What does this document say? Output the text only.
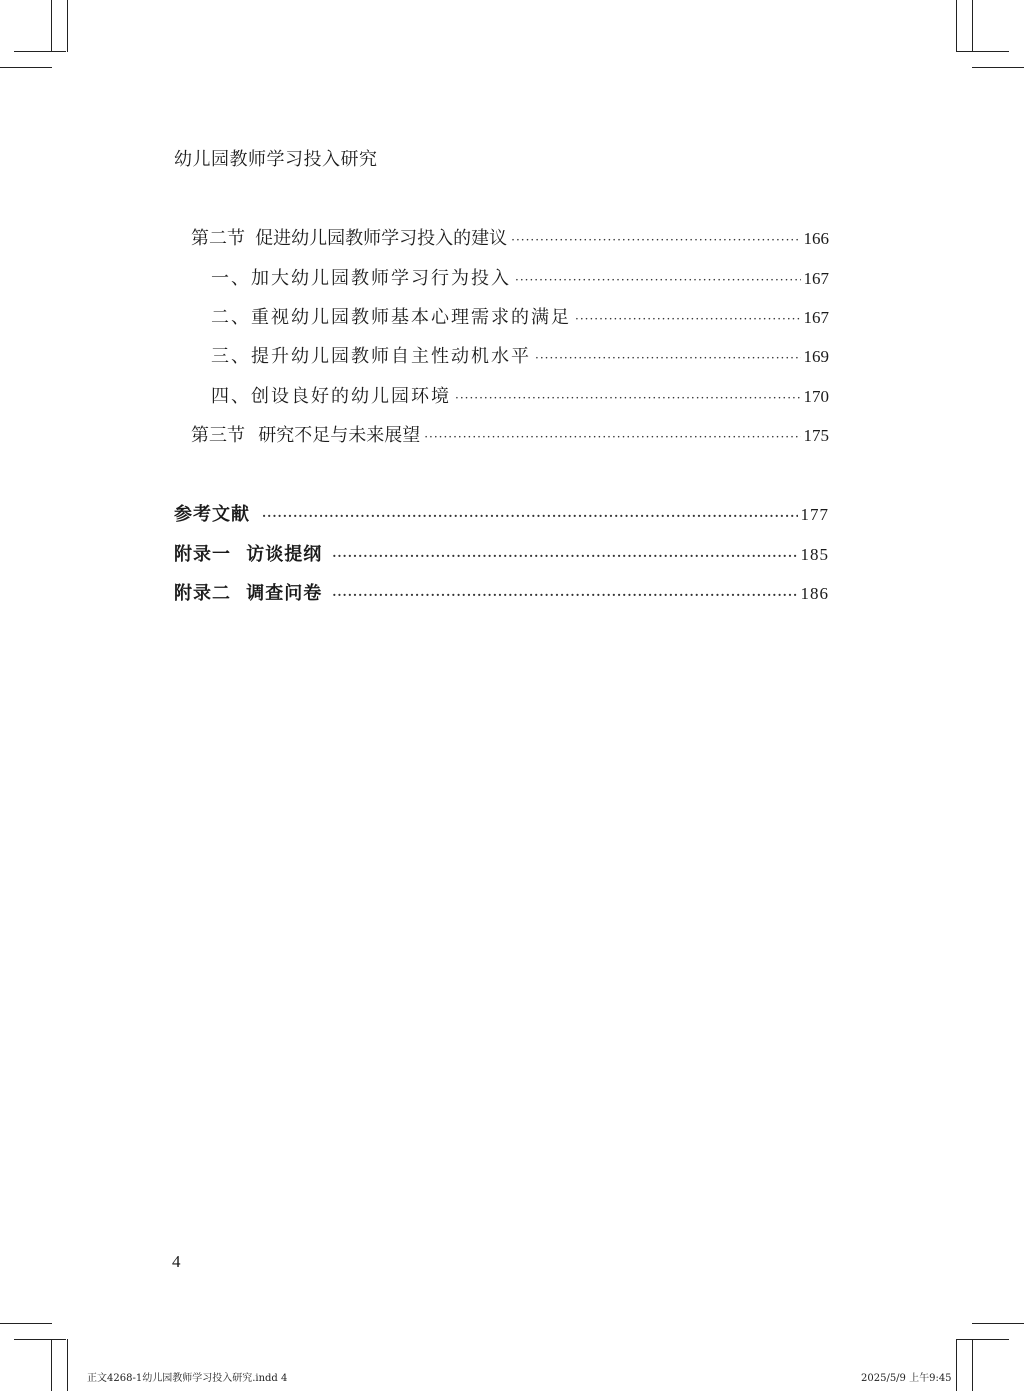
幼儿园教师学习投入研究
第二节 促进幼儿园教师学习投入的建议 ·····	166
一、加大幼儿园教师学习行为投入 ·····	167
二、重视幼儿园教师基本心理需求的满足 ·····	167
三、提升幼儿园教师自主性动机水平 ·····	169
四、创设良好的幼儿园环境 ·····	170
第三节 研究不足与未来展望 ·····	175
参考文献 ·····	177
附录一 访谈提纲 ·····	185
附录二 调查问卷 ·····	186
4
正文4268-1幼儿园教师学习投入研究.indd 4	2025/5/9 上午9:45
